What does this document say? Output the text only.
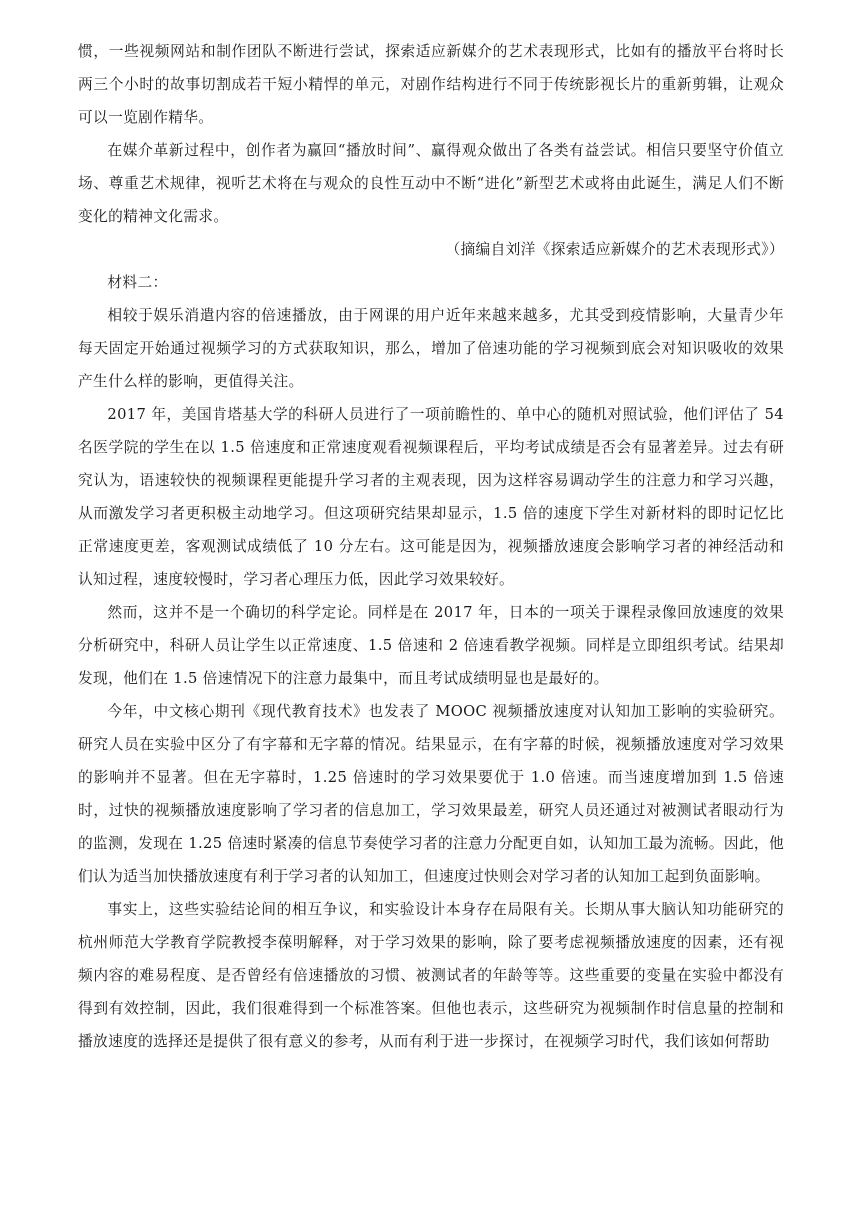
惯，一些视频网站和制作团队不断进行尝试，探索适应新媒介的艺术表现形式，比如有的播放平台将时长两三个小时的故事切割成若干短小精悍的单元，对剧作结构进行不同于传统影视长片的重新剪辑，让观众可以一览剧作精华。

在媒介革新过程中，创作者为赢回“播放时间”、赢得观众做出了各类有益尝试。相信只要坚守价值立场、尊重艺术规律，视听艺术将在与观众的良性互动中不断“进化”新型艺术或将由此诞生，满足人们不断变化的精神文化需求。

（摘编自刘洋《探索适应新媒介的艺术表现形式》）

材料二：

相较于娱乐消遣内容的倍速播放，由于网课的用户近年来越来越多，尤其受到疫情影响，大量青少年每天固定开始通过视频学习的方式获取知识，那么，增加了倍速功能的学习视频到底会对知识吸收的效果产生什么样的影响，更值得关注。

2017 年，美国肯塔基大学的科研人员进行了一项前瞻性的、单中心的随机对照试验，他们评估了 54 名医学院的学生在以 1.5 倍速度和正常速度观看视频课程后，平均考试成绩是否会有显著差异。过去有研究认为，语速较快的视频课程更能提升学习者的主观表现，因为这样容易调动学生的注意力和学习兴趣，从而激发学习者更积极主动地学习。但这项研究结果却显示，1.5 倍的速度下学生对新材料的即时记忆比正常速度更差，客观测试成绩低了 10 分左右。这可能是因为，视频播放速度会影响学习者的神经活动和认知过程，速度较慢时，学习者心理压力低，因此学习效果较好。

然而，这并不是一个确切的科学定论。同样是在 2017 年，日本的一项关于课程录像回放速度的效果分析研究中，科研人员让学生以正常速度、1.5 倍速和 2 倍速看教学视频。同样是立即组织考试。结果却发现，他们在 1.5 倍速情况下的注意力最集中，而且考试成绩明显也是最好的。

今年，中文核心期刊《现代教育技术》也发表了 MOOC 视频播放速度对认知加工影响的实验研究。研究人员在实验中区分了有字幕和无字幕的情况。结果显示，在有字幕的时候，视频播放速度对学习效果的影响并不显著。但在无字幕时，1.25 倍速时的学习效果要优于 1.0 倍速。而当速度增加到 1.5 倍速时，过快的视频播放速度影响了学习者的信息加工，学习效果最差，研究人员还通过对被测试者眼动行为的监测，发现在 1.25 倍速时紧凑的信息节奏使学习者的注意力分配更自如，认知加工最为流畅。因此，他们认为适当加快播放速度有利于学习者的认知加工，但速度过快则会对学习者的认知加工起到负面影响。

事实上，这些实验结论间的相互争议，和实验设计本身存在局限有关。长期从事大脑认知功能研究的杭州师范大学教育学院教授李葆明解释，对于学习效果的影响，除了要考虑视频播放速度的因素，还有视频内容的难易程度、是否曾经有倍速播放的习惯、被测试者的年龄等等。这些重要的变量在实验中都没有得到有效控制，因此，我们很难得到一个标准答案。但他也表示，这些研究为视频制作时信息量的控制和播放速度的选择还是提供了很有意义的参考，从而有利于进一步探讨，在视频学习时代，我们该如何帮助
